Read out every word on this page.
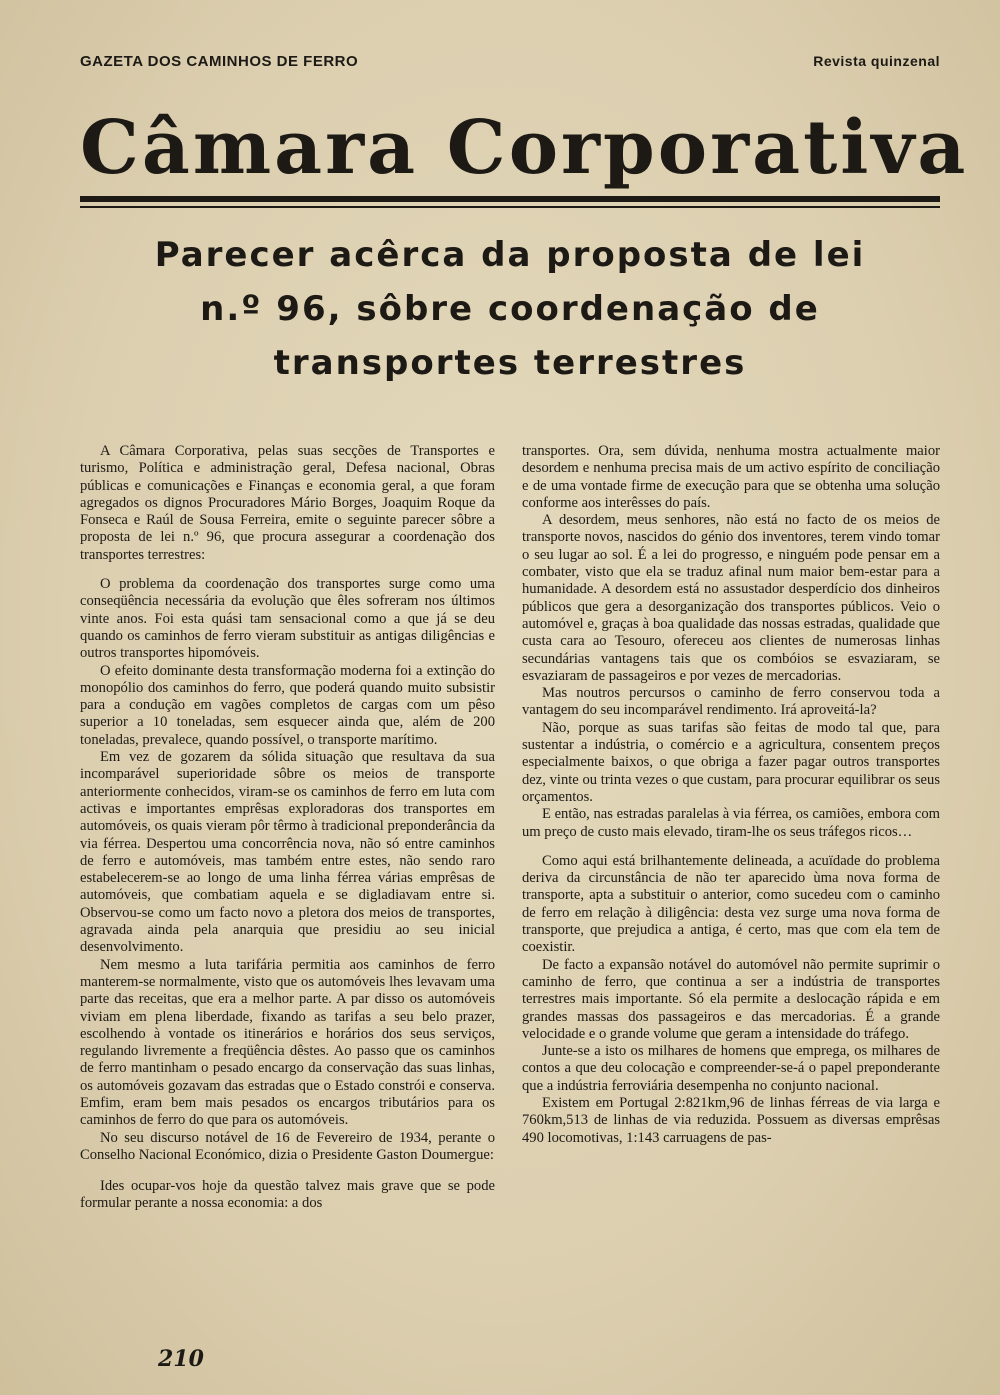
GAZETA DOS CAMINHOS DE FERRO	Revista quinzenal
Câmara Corporativa
Parecer acêrca da proposta de lei
n.º 96, sôbre coordenação de
transportes terrestres

A Câmara Corporativa, pelas suas secções de Transportes e turismo, Política e administração geral, Defesa nacional, Obras públicas e comunicações e Finanças e economia geral, a que foram agregados os dignos Procuradores Mário Borges, Joaquim Roque da Fonseca e Raúl de Sousa Ferreira, emite o seguinte parecer sôbre a proposta de lei n.º 96, que procura assegurar a coordenação dos transportes terrestres:

O problema da coordenação dos transportes surge como uma conseqüência necessária da evolução que êles sofreram nos últimos vinte anos. Foi esta quási tam sensacional como a que já se deu quando os caminhos de ferro vieram substituir as antigas diligências e outros transportes hipomóveis.

O efeito dominante desta transformação moderna foi a extinção do monopólio dos caminhos do ferro, que poderá quando muito subsistir para a condução em vagões completos de cargas com um pêso superior a 10 toneladas, sem esquecer ainda que, além de 200 toneladas, prevalece, quando possível, o transporte marítimo.

Em vez de gozarem da sólida situação que resultava da sua incomparável superioridade sôbre os meios de transporte anteriormente conhecidos, viram-se os caminhos de ferro em luta com activas e importantes emprêsas exploradoras dos transportes em automóveis, os quais vieram pôr têrmo à tradicional preponderância da via férrea. Despertou uma concorrência nova, não só entre caminhos de ferro e automóveis, mas também entre estes, não sendo raro estabelecerem-se ao longo de uma linha férrea várias emprêsas de automóveis, que combatiam aquela e se digladiavam entre si. Observou-se como um facto novo a pletora dos meios de transportes, agravada ainda pela anarquia que presidiu ao seu inicial desenvolvimento.

Nem mesmo a luta tarifária permitia aos caminhos de ferro manterem-se normalmente, visto que os automóveis lhes levavam uma parte das receitas, que era a melhor parte. A par disso os automóveis viviam em plena liberdade, fixando as tarifas a seu belo prazer, escolhendo à vontade os itinerários e horários dos seus serviços, regulando livremente a freqüência dêstes. Ao passo que os caminhos de ferro mantinham o pesado encargo da conservação das suas linhas, os automóveis gozavam das estradas que o Estado constrói e conserva. Emfim, eram bem mais pesados os encargos tributários para os caminhos de ferro do que para os automóveis.

No seu discurso notável de 16 de Fevereiro de 1934, perante o Conselho Nacional Económico, dizia o Presidente Gaston Doumergue:

Ides ocupar-vos hoje da questão talvez mais grave que se pode formular perante a nossa economia: a dos

transportes. Ora, sem dúvida, nenhuma mostra actualmente maior desordem e nenhuma precisa mais de um activo espírito de conciliação e de uma vontade firme de execução para que se obtenha uma solução conforme aos interêsses do país.

A desordem, meus senhores, não está no facto de os meios de transporte novos, nascidos do génio dos inventores, terem vindo tomar o seu lugar ao sol. É a lei do progresso, e ninguém pode pensar em a combater, visto que ela se traduz afinal num maior bem-estar para a humanidade. A desordem está no assustador desperdício dos dinheiros públicos que gera a desorganização dos transportes públicos. Veio o automóvel e, graças à boa qualidade das nossas estradas, qualidade que custa cara ao Tesouro, ofereceu aos clientes de numerosas linhas secundárias vantagens tais que os combóios se esvaziaram, se esvaziaram de passageiros e por vezes de mercadorias.

Mas noutros percursos o caminho de ferro conservou toda a vantagem do seu incomparável rendimento. Irá aproveitá-la?

Não, porque as suas tarifas são feitas de modo tal que, para sustentar a indústria, o comércio e a agricultura, consentem preços especialmente baixos, o que obriga a fazer pagar outros transportes dez, vinte ou trinta vezes o que custam, para procurar equilibrar os seus orçamentos.

E então, nas estradas paralelas à via férrea, os camiões, embora com um preço de custo mais elevado, tiram-lhe os seus tráfegos ricos…

Como aqui está brilhantemente delineada, a acuïdade do problema deriva da circunstância de não ter aparecido ùma nova forma de transporte, apta a substituir o anterior, como sucedeu com o caminho de ferro em relação à diligência: desta vez surge uma nova forma de transporte, que prejudica a antiga, é certo, mas que com ela tem de coexistir.

De facto a expansão notável do automóvel não permite suprimir o caminho de ferro, que continua a ser a indústria de transportes terrestres mais importante. Só ela permite a deslocação rápida e em grandes massas dos passageiros e das mercadorias. É a grande velocidade e o grande volume que geram a intensidade do tráfego.

Junte-se a isto os milhares de homens que emprega, os milhares de contos a que deu colocação e compreender-se-á o papel preponderante que a indústria ferroviária desempenha no conjunto nacional.

Existem em Portugal 2:821km,96 de linhas férreas de via larga e 760km,513 de linhas de via reduzida. Possuem as diversas emprêsas 490 locomotivas, 1:143 carruagens de pas-

210
